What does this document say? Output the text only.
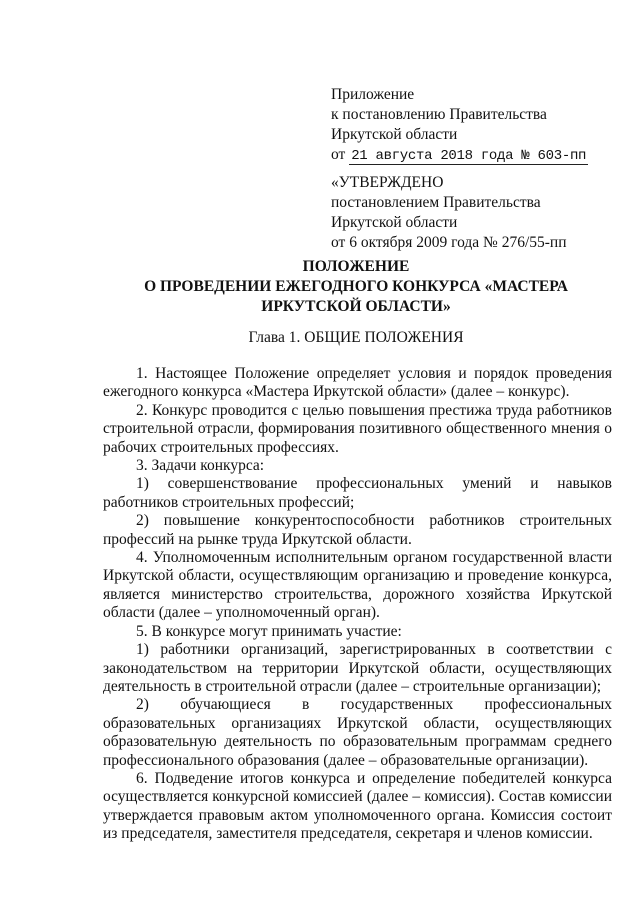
Приложение
к постановлению Правительства
Иркутской области
от 21 августа 2018 года № 603-пп
«УТВЕРЖДЕНО
постановлением Правительства
Иркутской области
от 6 октября 2009 года № 276/55-пп
ПОЛОЖЕНИЕ
О ПРОВЕДЕНИИ ЕЖЕГОДНОГО КОНКУРСА «МАСТЕРА
ИРКУТСКОЙ ОБЛАСТИ»
Глава 1. ОБЩИЕ ПОЛОЖЕНИЯ

1. Настоящее Положение определяет условия и порядок проведения ежегодного конкурса «Мастера Иркутской области» (далее – конкурс).

2. Конкурс проводится с целью повышения престижа труда работников строительной отрасли, формирования позитивного общественного мнения о рабочих строительных профессиях.

3. Задачи конкурса:

1) совершенствование профессиональных умений и навыков работников строительных профессий;

2) повышение конкурентоспособности работников строительных профессий на рынке труда Иркутской области.

4. Уполномоченным исполнительным органом государственной власти Иркутской области, осуществляющим организацию и проведение конкурса, является министерство строительства, дорожного хозяйства Иркутской области (далее – уполномоченный орган).

5. В конкурсе могут принимать участие:

1) работники организаций, зарегистрированных в соответствии с законодательством на территории Иркутской области, осуществляющих деятельность в строительной отрасли (далее – строительные организации);

2) обучающиеся в государственных профессиональных образовательных организациях Иркутской области, осуществляющих образовательную деятельность по образовательным программам среднего профессионального образования (далее – образовательные организации).

6. Подведение итогов конкурса и определение победителей конкурса осуществляется конкурсной комиссией (далее – комиссия). Состав комиссии утверждается правовым актом уполномоченного органа. Комиссия состоит из председателя, заместителя председателя, секретаря и членов комиссии.
